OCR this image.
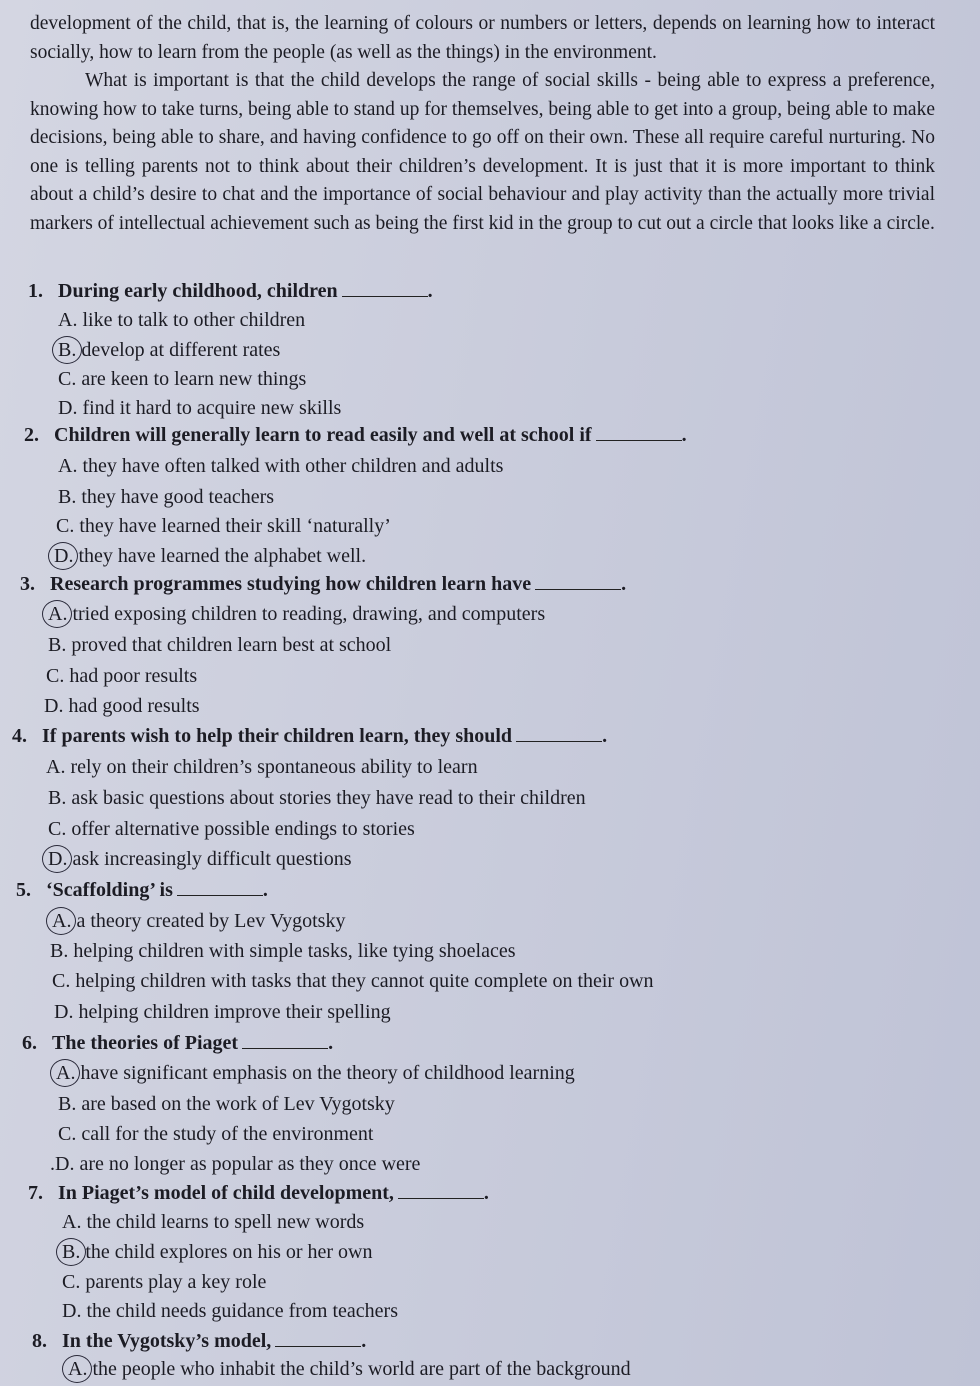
development of the child, that is, the learning of colours or numbers or letters, depends on learning how to interact socially, how to learn from the people (as well as the things) in the environment.

What is important is that the child develops the range of social skills - being able to express a preference, knowing how to take turns, being able to stand up for themselves, being able to get into a group, being able to make decisions, being able to share, and having confidence to go off on their own. These all require careful nurturing. No one is telling parents not to think about their children’s development. It is just that it is more important to think about a child’s desire to chat and the importance of social behaviour and play activity than the actually more trivial markers of intellectual achievement such as being the first kid in the group to cut out a circle that looks like a circle.

1. During early childhood, children	.
A. like to talk to other children
B. develop at different rates
C. are keen to learn new things
D. find it hard to acquire new skills
2. Children will generally learn to read easily and well at school if	.
A. they have often talked with other children and adults
B. they have good teachers
C. they have learned their skill ‘naturally’
D. they have learned the alphabet well.
3. Research programmes studying how children learn have	.
A. tried exposing children to reading, drawing, and computers
B. proved that children learn best at school
C. had poor results
D. had good results
4. If parents wish to help their children learn, they should	.
A. rely on their children’s spontaneous ability to learn
B. ask basic questions about stories they have read to their children
C. offer alternative possible endings to stories
D. ask increasingly difficult questions
5. ‘Scaffolding’ is	.
A. a theory created by Lev Vygotsky
B. helping children with simple tasks, like tying shoelaces
C. helping children with tasks that they cannot quite complete on their own
D. helping children improve their spelling
6. The theories of Piaget	.
A. have significant emphasis on the theory of childhood learning
B. are based on the work of Lev Vygotsky
C. call for the study of the environment
.D. are no longer as popular as they once were
7. In Piaget’s model of child development,	.
A. the child learns to spell new words
B. the child explores on his or her own
C. parents play a key role
D. the child needs guidance from teachers
8. In the Vygotsky’s model,	.
A. the people who inhabit the child’s world are part of the background
